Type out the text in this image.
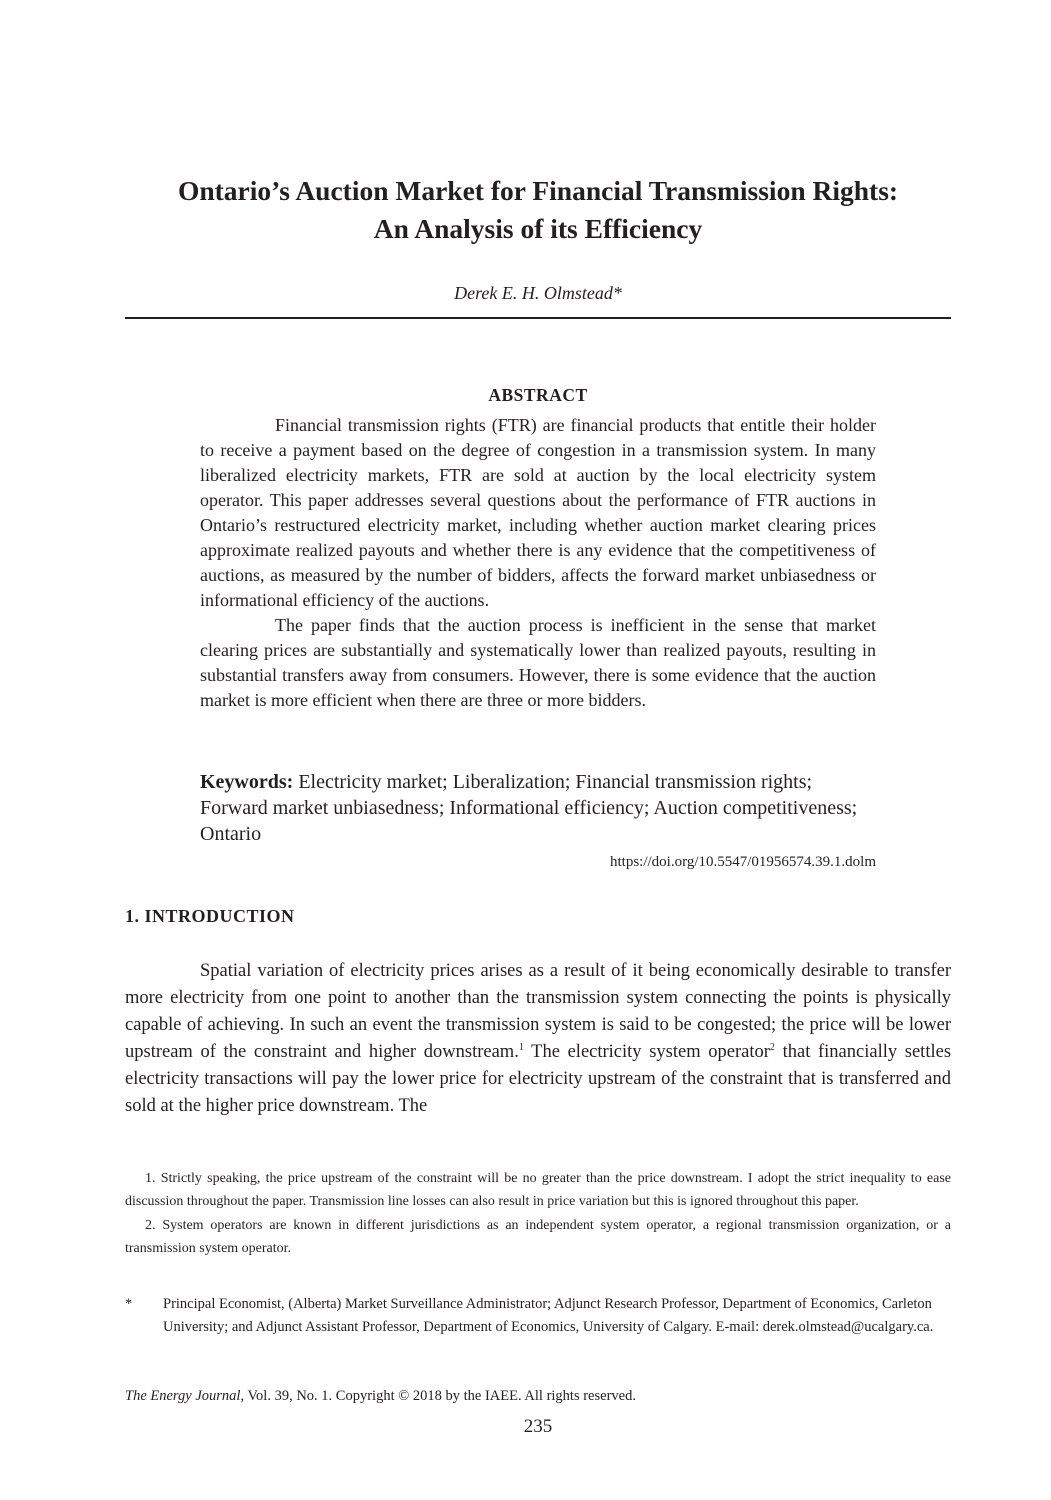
Ontario’s Auction Market for Financial Transmission Rights:
An Analysis of its Efficiency
Derek E. H. Olmstead*
ABSTRACT

Financial transmission rights (FTR) are financial products that entitle their holder to receive a payment based on the degree of congestion in a transmission system. In many liberalized electricity markets, FTR are sold at auction by the local electricity system operator. This paper addresses several questions about the performance of FTR auctions in Ontario’s restructured electricity market, including whether auction market clearing prices approximate realized payouts and whether there is any evidence that the competitiveness of auctions, as measured by the number of bidders, affects the forward market unbiasedness or informational efficiency of the auctions.

The paper finds that the auction process is inefficient in the sense that market clearing prices are substantially and systematically lower than realized payouts, resulting in substantial transfers away from consumers. However, there is some evidence that the auction market is more efficient when there are three or more bidders.

Keywords: Electricity market; Liberalization; Financial transmission rights; Forward market unbiasedness; Informational efficiency; Auction competitiveness; Ontario
https://doi.org/10.5547/01956574.39.1.dolm
1. INTRODUCTION

Spatial variation of electricity prices arises as a result of it being economically desirable to transfer more electricity from one point to another than the transmission system connecting the points is physically capable of achieving. In such an event the transmission system is said to be congested; the price will be lower upstream of the constraint and higher downstream.$^1$ The electricity system operator$^2$ that financially settles electricity transactions will pay the lower price for electricity upstream of the constraint that is transferred and sold at the higher price downstream. The

1. Strictly speaking, the price upstream of the constraint will be no greater than the price downstream. I adopt the strict inequality to ease discussion throughout the paper. Transmission line losses can also result in price variation but this is ignored throughout this paper.

2. System operators are known in different jurisdictions as an independent system operator, a regional transmission organization, or a transmission system operator.

* Principal Economist, (Alberta) Market Surveillance Administrator; Adjunct Research Professor, Department of Economics, Carleton University; and Adjunct Assistant Professor, Department of Economics, University of Calgary. E-mail: derek.olmstead@ucalgary.ca.
The Energy Journal, Vol. 39, No. 1. Copyright © 2018 by the IAEE. All rights reserved.
235
